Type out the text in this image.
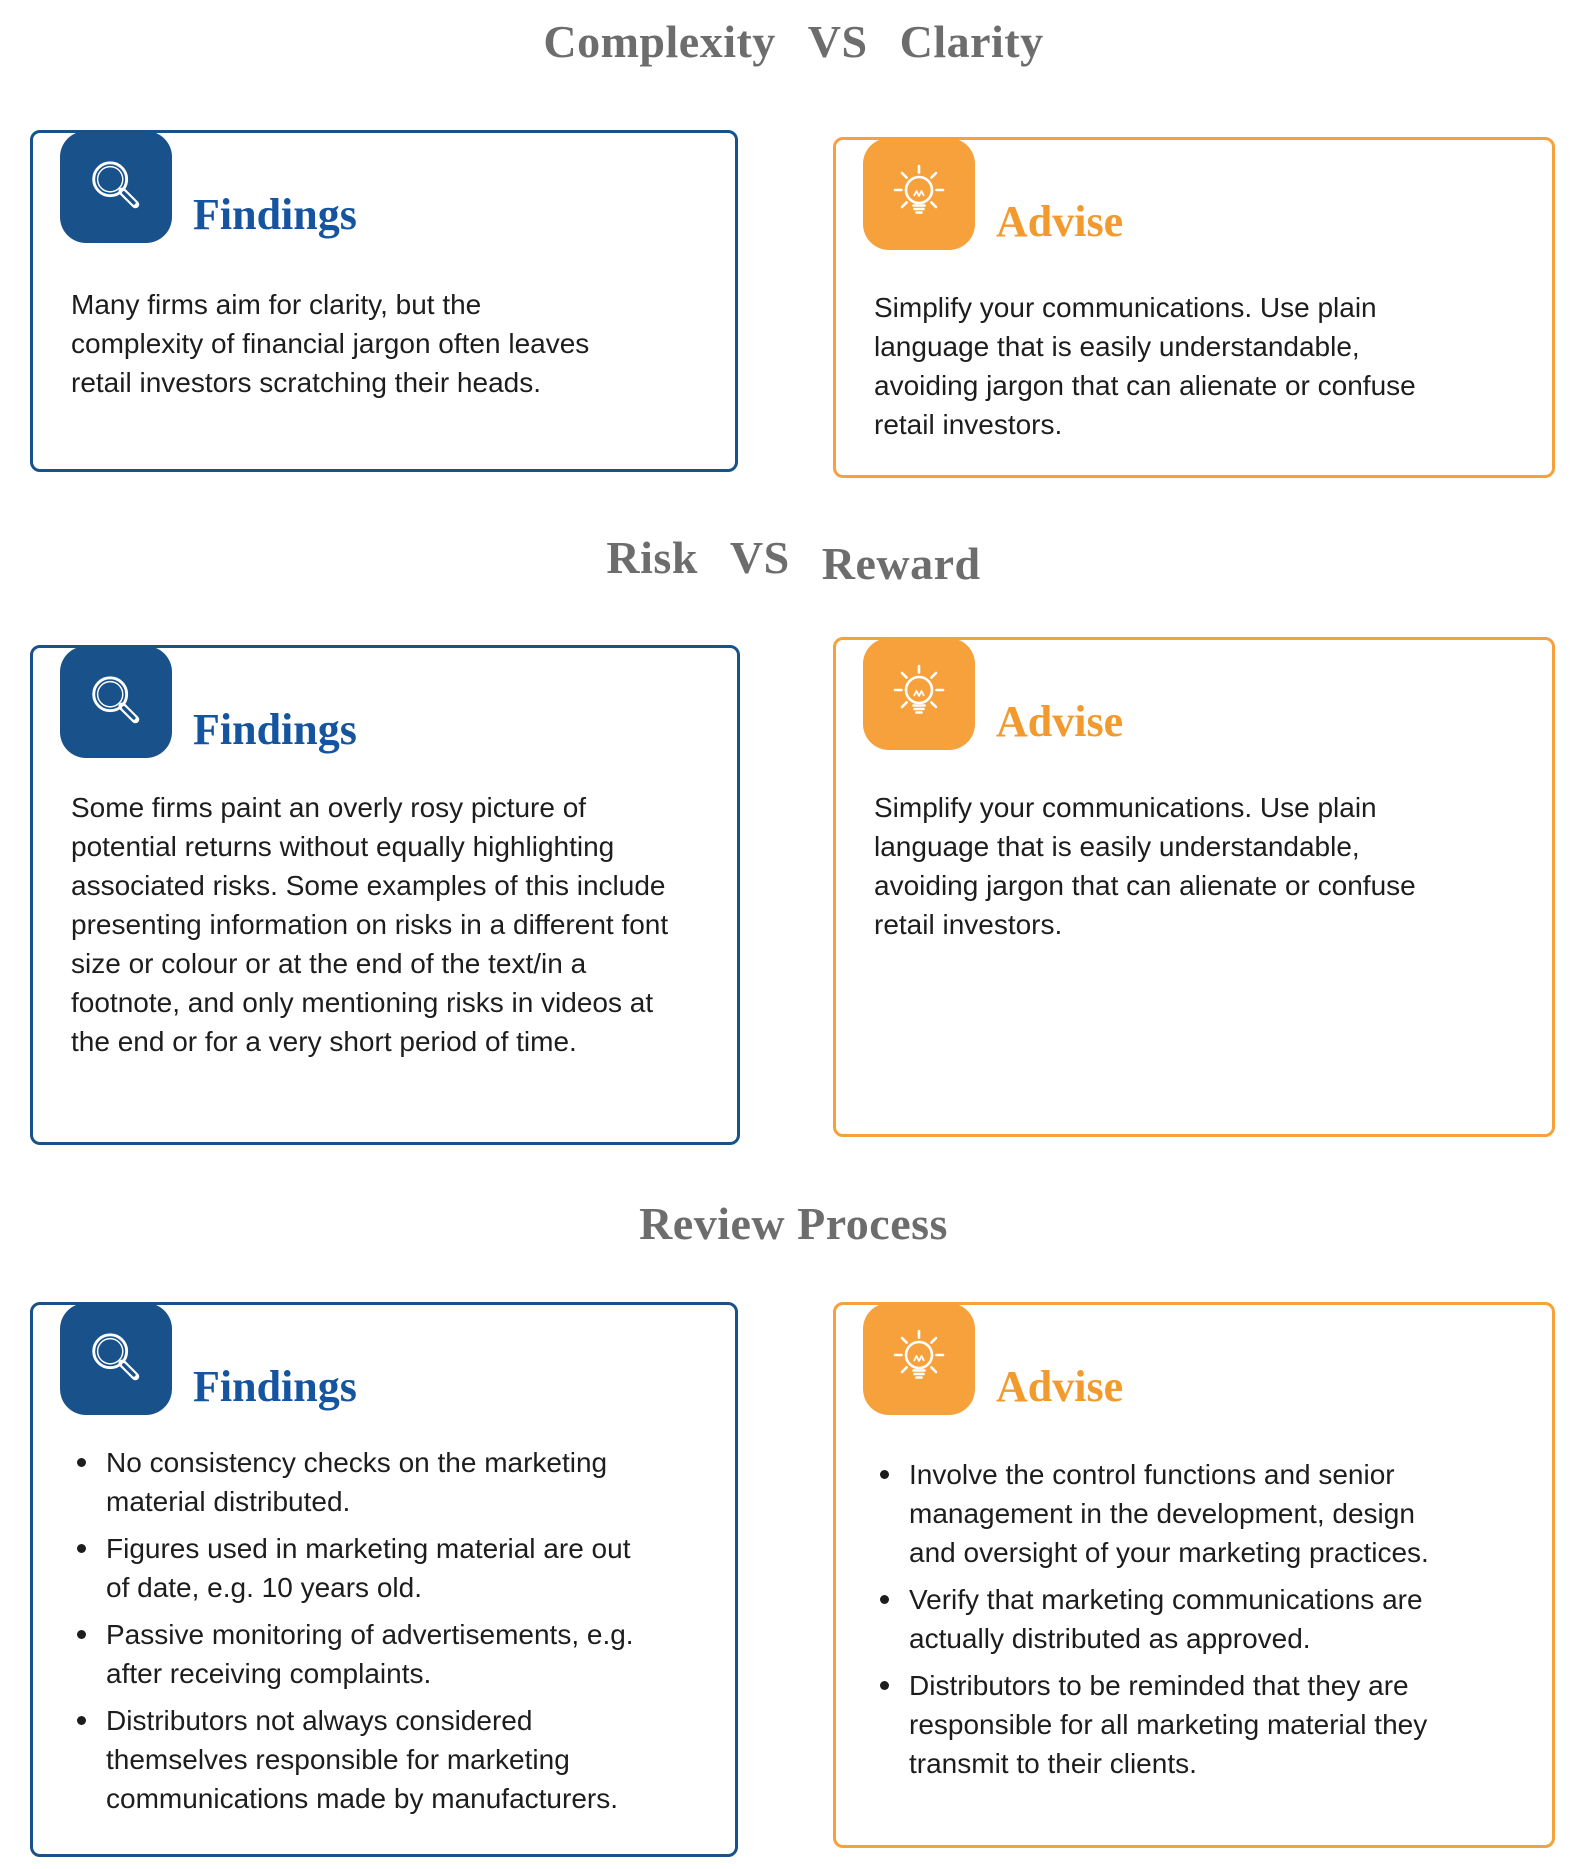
Complexity VS Clarity
Findings
Many firms aim for clarity, but the complexity of financial jargon often leaves retail investors scratching their heads.
Advise
Simplify your communications. Use plain language that is easily understandable, avoiding jargon that can alienate or confuse retail investors.
Risk VS Reward
Findings
Some firms paint an overly rosy picture of potential returns without equally highlighting associated risks. Some examples of this include presenting information on risks in a different font size or colour or at the end of the text/in a footnote, and only mentioning risks in videos at the end or for a very short period of time.
Advise
Simplify your communications. Use plain language that is easily understandable, avoiding jargon that can alienate or confuse retail investors.
Review Process
Findings
No consistency checks on the marketing material distributed.
Figures used in marketing material are out of date, e.g. 10 years old.
Passive monitoring of advertisements, e.g. after receiving complaints.
Distributors not always considered themselves responsible for marketing communications made by manufacturers.
Advise
Involve the control functions and senior management in the development, design and oversight of your marketing practices.
Verify that marketing communications are actually distributed as approved.
Distributors to be reminded that they are responsible for all marketing material they transmit to their clients.
